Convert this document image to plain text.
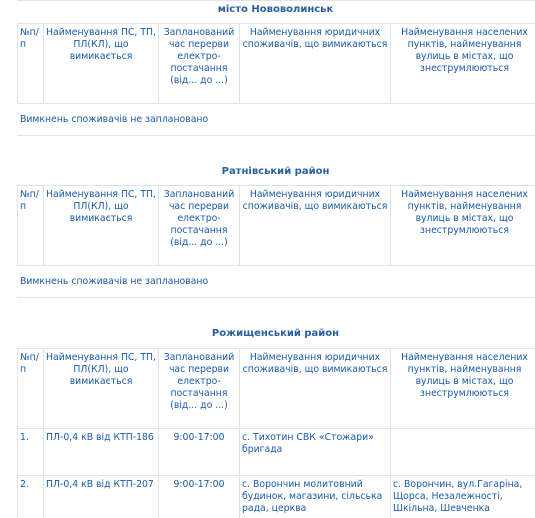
місто Нововолинськ
№п/п	Найменування ПС, ТП, ПЛ(КЛ), що вимикається	Запланований час перерви електро-постачання (від... до ...)	Найменування юридичних споживачів, що вимикаються	Найменування населених пунктів, найменування вулиць в містах, що знеструмлюються
Вимкнень споживачів не заплановано
Ратнівський район
№п/п	Найменування ПС, ТП, ПЛ(КЛ), що вимикається	Запланований час перерви електро-постачання (від... до ...)	Найменування юридичних споживачів, що вимикаються	Найменування населених пунктів, найменування вулиць в містах, що знеструмлюються
Вимкнень споживачів не заплановано
Рожищенський район
№п/п	Найменування ПС, ТП, ПЛ(КЛ), що вимикається	Запланований час перерви електро-постачання (від... до ...)	Найменування юридичних споживачів, що вимикаються	Найменування населених пунктів, найменування вулиць в містах, що знеструмлюються
1.	ПЛ-0,4 кВ від КТП-186	9:00-17:00	с. Тихотин СВК «Стожари» бригада	
2.	ПЛ-0,4 кВ від КТП-207	9:00-17:00	с. Ворончин молитовний будинок, магазини, сільська рада, церква	с. Ворончин, вул.Гагаріна, Щорса, Незалежності, Шкільна, Шевченка
